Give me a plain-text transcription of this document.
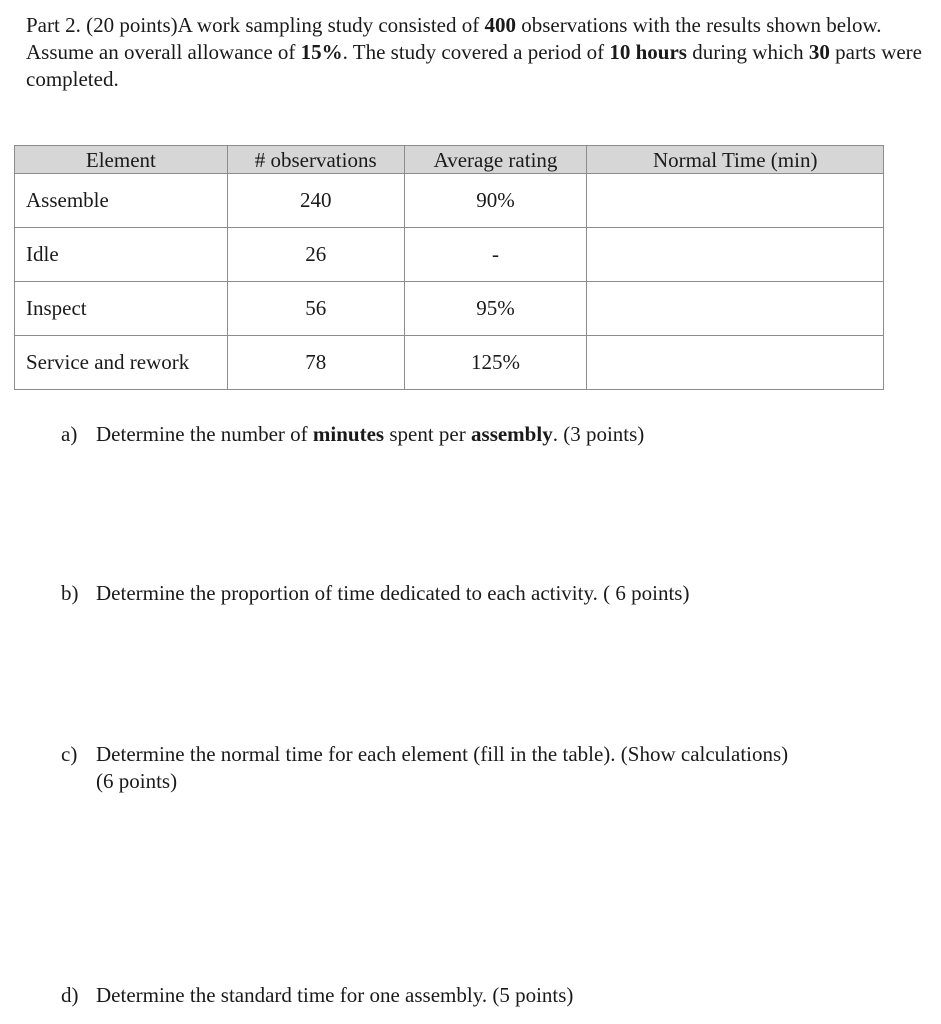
Part 2. (20 points)A work sampling study consisted of 400 observations with the results shown below. Assume an overall allowance of 15%. The study covered a period of 10 hours during which 30 parts were completed.
Element	# observations	Average rating	Normal Time (min)
Assemble	240	90%	
Idle	26	-	
Inspect	56	95%	
Service and rework	78	125%	
a) Determine the number of minutes spent per assembly. (3 points)
b) Determine the proportion of time dedicated to each activity. ( 6 points)
c) Determine the normal time for each element (fill in the table). (Show calculations)
(6 points)
d) Determine the standard time for one assembly. (5 points)
